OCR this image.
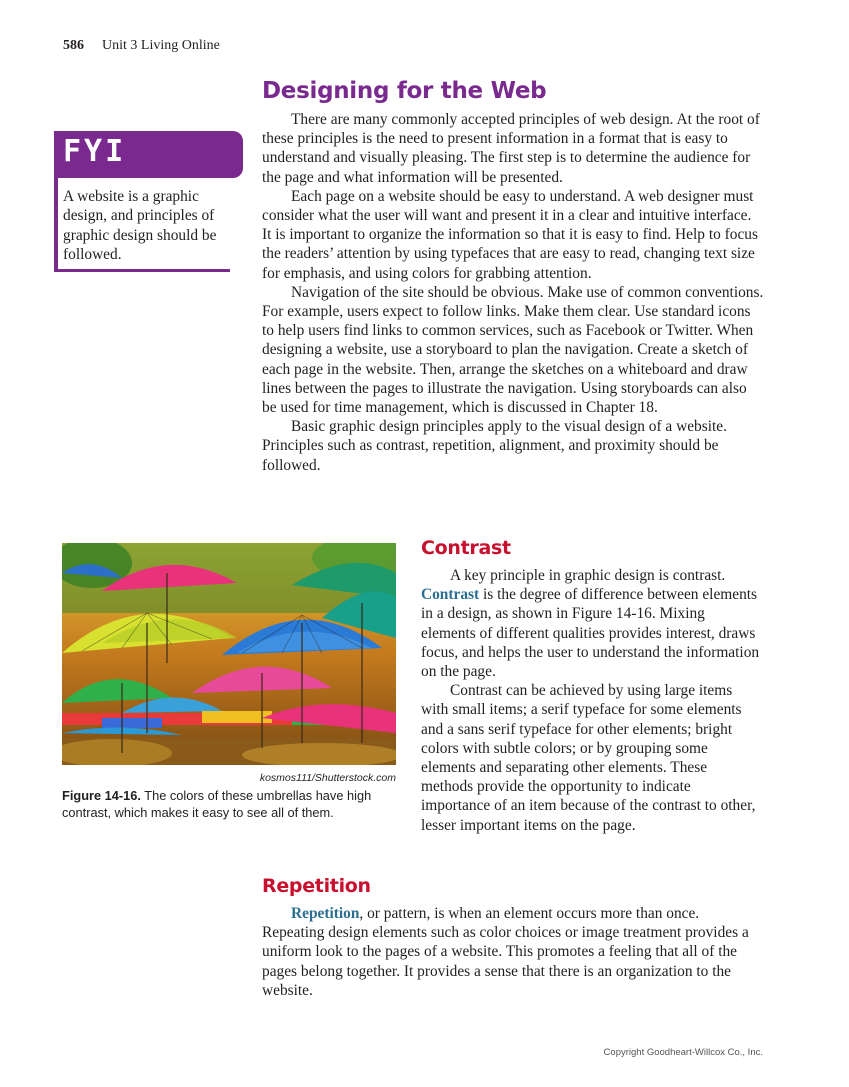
586 Unit 3 Living Online
Designing for the Web
FYI
A website is a graphic design, and principles of graphic design should be followed.

There are many commonly accepted principles of web design. At the root of these principles is the need to present information in a format that is easy to understand and visually pleasing. The first step is to determine the audience for the page and what information will be presented.

Each page on a website should be easy to understand. A web designer must consider what the user will want and present it in a clear and intuitive interface. It is important to organize the information so that it is easy to find. Help to focus the readers’ attention by using typefaces that are easy to read, changing text size for emphasis, and using colors for grabbing attention.

Navigation of the site should be obvious. Make use of common conventions. For example, users expect to follow links. Make them clear. Use standard icons to help users find links to common services, such as Facebook or Twitter. When designing a website, use a storyboard to plan the navigation. Create a sketch of each page in the website. Then, arrange the sketches on a whiteboard and draw lines between the pages to illustrate the navigation. Using storyboards can also be used for time management, which is discussed in Chapter 18.

Basic graphic design principles apply to the visual design of a website. Principles such as contrast, repetition, alignment, and proximity should be followed.

Contrast

A key principle in graphic design is contrast. Contrast is the degree of difference between elements in a design, as shown in Figure 14-16. Mixing elements of different qualities provides interest, draws focus, and helps the user to understand the information on the page.

Contrast can be achieved by using large items with small items; a serif typeface for some elements and a sans serif typeface for other elements; bright colors with subtle colors; or by grouping some elements and separating other elements. These methods provide the opportunity to indicate importance of an item because of the contrast to other, lesser important items on the page.

kosmos111/Shutterstock.com
Figure 14-16. The colors of these umbrellas have high contrast, which makes it easy to see all of them.
Repetition

Repetition, or pattern, is when an element occurs more than once. Repeating design elements such as color choices or image treatment provides a uniform look to the pages of a website. This promotes a feeling that all of the pages belong together. It provides a sense that there is an organization to the website.

Copyright Goodheart-Willcox Co., Inc.
